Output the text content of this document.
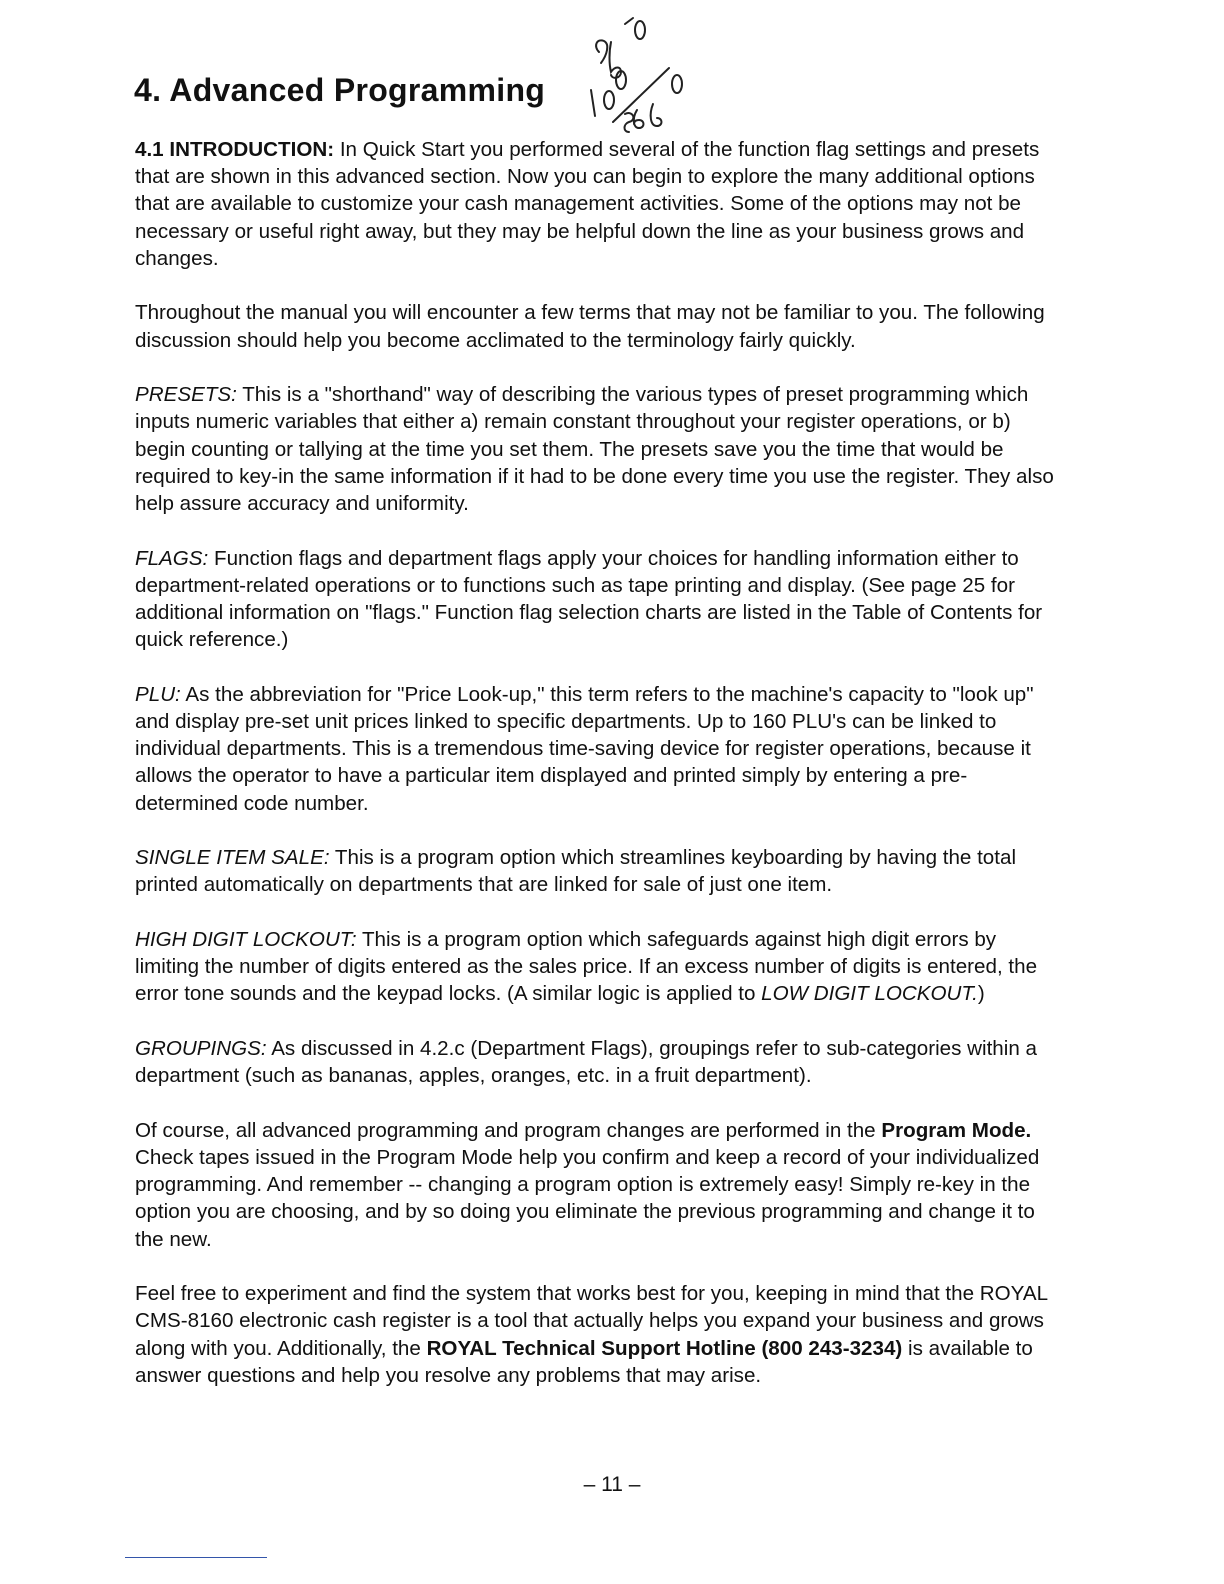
4. Advanced Programming

4.1 INTRODUCTION: In Quick Start you performed several of the function flag settings and presets that are shown in this advanced section. Now you can begin to explore the many additional options that are available to customize your cash management activities. Some of the options may not be necessary or useful right away, but they may be helpful down the line as your business grows and changes.

Throughout the manual you will encounter a few terms that may not be familiar to you. The following discussion should help you become acclimated to the terminology fairly quickly.

PRESETS: This is a "shorthand" way of describing the various types of preset programming which inputs numeric variables that either a) remain constant throughout your register operations, or b) begin counting or tallying at the time you set them. The presets save you the time that would be required to key-in the same information if it had to be done every time you use the register. They also help assure accuracy and uniformity.

FLAGS: Function flags and department flags apply your choices for handling information either to department-related operations or to functions such as tape printing and display. (See page 25 for additional information on "flags." Function flag selection charts are listed in the Table of Contents for quick reference.)

PLU: As the abbreviation for "Price Look-up," this term refers to the machine's capacity to "look up" and display pre-set unit prices linked to specific departments. Up to 160 PLU's can be linked to individual departments. This is a tremendous time-saving device for register operations, because it allows the operator to have a particular item displayed and printed simply by entering a pre-determined code number.

SINGLE ITEM SALE: This is a program option which streamlines keyboarding by having the total printed automatically on departments that are linked for sale of just one item.

HIGH DIGIT LOCKOUT: This is a program option which safeguards against high digit errors by limiting the number of digits entered as the sales price. If an excess number of digits is entered, the error tone sounds and the keypad locks. (A similar logic is applied to LOW DIGIT LOCKOUT.)

GROUPINGS: As discussed in 4.2.c (Department Flags), groupings refer to sub-categories within a department (such as bananas, apples, oranges, etc. in a fruit department).

Of course, all advanced programming and program changes are performed in the Program Mode. Check tapes issued in the Program Mode help you confirm and keep a record of your individualized programming. And remember -- changing a program option is extremely easy! Simply re-key in the option you are choosing, and by so doing you eliminate the previous programming and change it to the new.

Feel free to experiment and find the system that works best for you, keeping in mind that the ROYAL CMS-8160 electronic cash register is a tool that actually helps you expand your business and grows along with you. Additionally, the ROYAL Technical Support Hotline (800 243-3234) is available to answer questions and help you resolve any problems that may arise.

– 11 –
